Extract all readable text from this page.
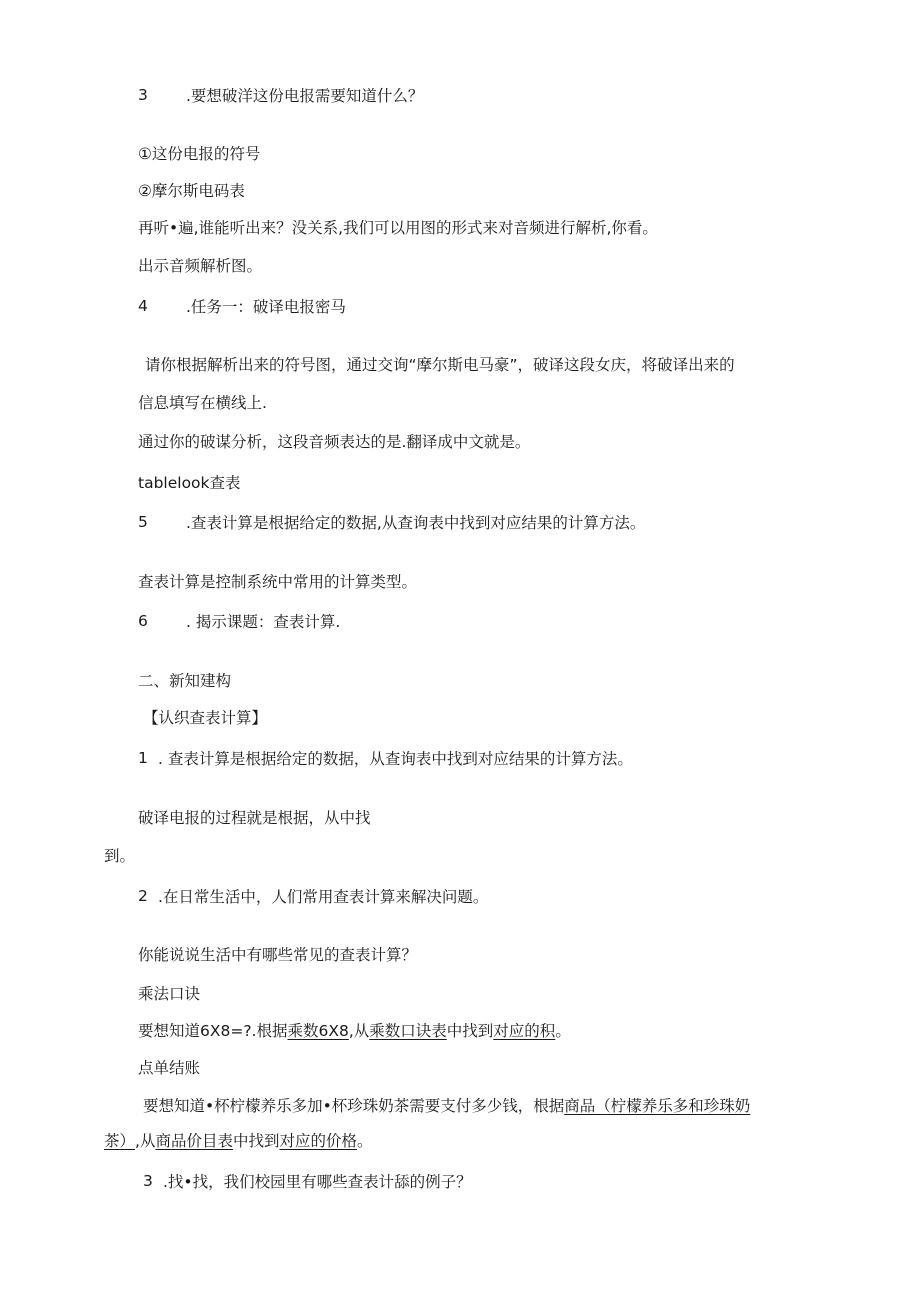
3 .要想破洋这份电报需要知道什么？
①这份电报的符号
②摩尔斯电码表
再听•遍,谁能听出来？没关系,我们可以用图的形式来对音频进行解析,你看。
出示音频解析图。
4 .任务一：破译电报密马
请你根据解析出来的符号图，通过交询“摩尔斯电马豪”，破译这段女庆，将破译出来的
信息填写在横线上.
通过你的破谋分析，这段音频表达的是.翻译成中文就是。
tablelook查表
5 .查表计算是根据给定的数据,从查询表中找到对应结果的计算方法。
查表计算是控制系统中常用的计算类型。
6 . 揭示课题：查表计算.
二、新知建构
【认织查表计算】
1 . 查表计算是根据给定的数据，从查询表中找到对应结果的计算方法。
破译电报的过程就是根据，从中找
到。
2 .在日常生活中，人们常用查表计算来解决问题。
你能说说生活中有哪些常见的查表计算？
乘法口诀
要想知道6X8=?.根据乘数6X8,从乘数口诀表中找到对应的积。
点单结账
要想知道•杯柠檬养乐多加•杯珍珠奶茶需要支付多少钱，根据商品（柠檬养乐多和珍珠奶
茶）,从商品价目表中找到对应的价格。
3 .找•找，我们校园里有哪些查表计舔的例子？
